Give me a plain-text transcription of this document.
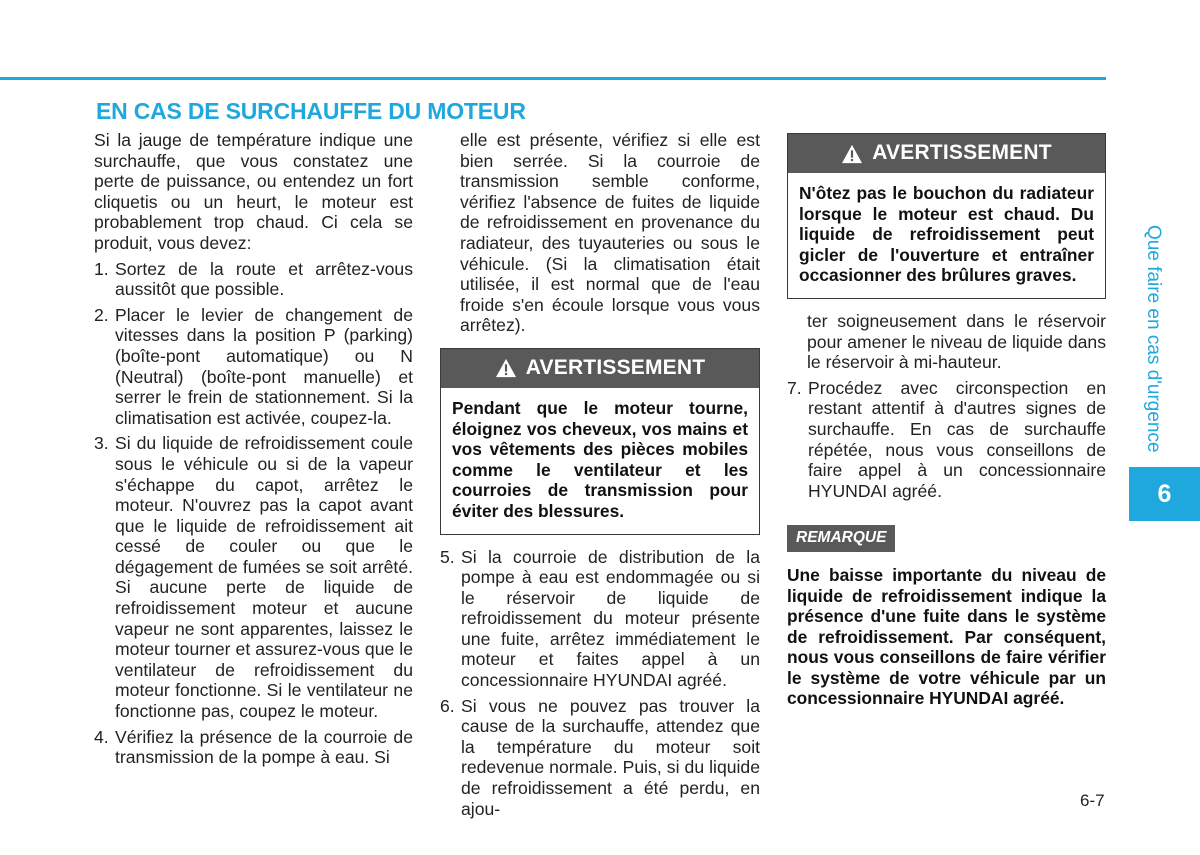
EN CAS DE SURCHAUFFE DU MOTEUR

Si la jauge de température indique une surchauffe, que vous constatez une perte de puissance, ou entendez un fort cliquetis ou un heurt, le moteur est probablement trop chaud. Ci cela se produit, vous devez:

1. Sortez de la route et arrêtez-vous aussitôt que possible.
2. Placer le levier de changement de vitesses dans la position P (parking) (boîte-pont automatique) ou N (Neutral) (boîte-pont manuelle) et serrer le frein de stationnement. Si la climatisation est activée, coupez-la.
3. Si du liquide de refroidissement coule sous le véhicule ou si de la vapeur s'échappe du capot, arrêtez le moteur. N'ouvrez pas la capot avant que le liquide de refroidissement ait cessé de couler ou que le dégagement de fumées se soit arrêté. Si aucune perte de liquide de refroidissement moteur et aucune vapeur ne sont apparentes, laissez le moteur tourner et assurez-vous que le ventilateur de refroidissement du moteur fonctionne. Si le ventilateur ne fonctionne pas, coupez le moteur.
4. Vérifiez la présence de la courroie de transmission de la pompe à eau. Si

elle est présente, vérifiez si elle est bien serrée. Si la courroie de transmission semble conforme, vérifiez l'absence de fuites de liquide de refroidissement en provenance du radiateur, des tuyauteries ou sous le véhicule. (Si la climatisation était utilisée, il est normal que de l'eau froide s'en écoule lorsque vous vous arrêtez).

AVERTISSEMENT
Pendant que le moteur tourne, éloignez vos cheveux, vos mains et vos vêtements des pièces mobiles comme le ventilateur et les courroies de transmission pour éviter des blessures.
5. Si la courroie de distribution de la pompe à eau est endommagée ou si le réservoir de liquide de refroidissement du moteur présente une fuite, arrêtez immédiatement le moteur et faites appel à un concessionnaire HYUNDAI agréé.
6. Si vous ne pouvez pas trouver la cause de la surchauffe, attendez que la température du moteur soit redevenue normale. Puis, si du liquide de refroidissement a été perdu, en ajou-
AVERTISSEMENT
N'ôtez pas le bouchon du radiateur lorsque le moteur est chaud. Du liquide de refroidissement peut gicler de l'ouverture et entraîner occasionner des brûlures graves.

ter soigneusement dans le réservoir pour amener le niveau de liquide dans le réservoir à mi-hauteur.

7. Procédez avec circonspection en restant attentif à d'autres signes de surchauffe. En cas de surchauffe répétée, nous vous conseillons de faire appel à un concessionnaire HYUNDAI agréé.
REMARQUE

Une baisse importante du niveau de liquide de refroidissement indique la présence d'une fuite dans le système de refroidissement. Par conséquent, nous vous conseillons de faire vérifier le système de votre véhicule par un concessionnaire HYUNDAI agréé.

Que faire en cas d'urgence
6
6-7
